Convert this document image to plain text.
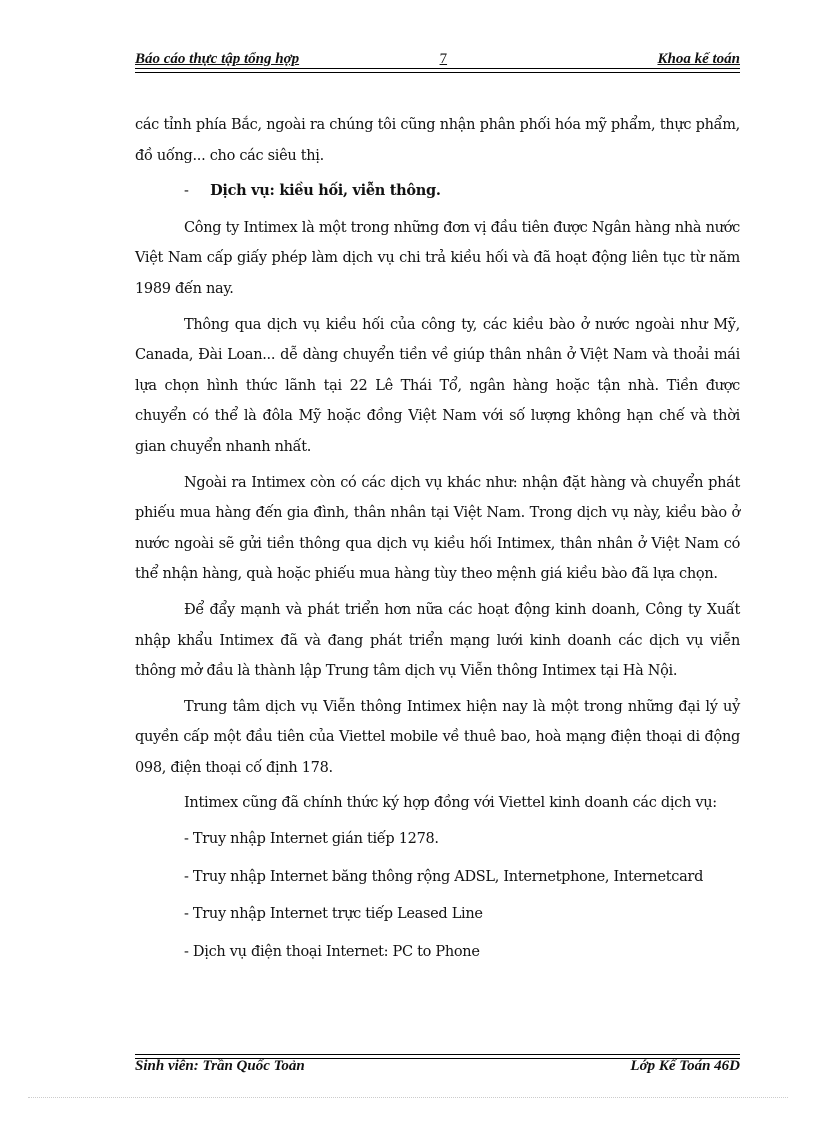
Báo cáo thực tập tổng hợp	7	Khoa kế toán

các tỉnh phía Bắc, ngoài ra chúng tôi cũng nhận phân phối hóa mỹ phẩm, thực phẩm, đồ uống... cho các siêu thị.

- Dịch vụ: kiều hối, viễn thông.

Công ty Intimex là một trong những đơn vị đầu tiên được Ngân hàng nhà nước Việt Nam cấp giấy phép làm dịch vụ chi trả kiều hối và đã hoạt động liên tục từ năm 1989 đến nay.

Thông qua dịch vụ kiều hối của công ty, các kiều bào ở nước ngoài như Mỹ, Canada, Đài Loan... dễ dàng chuyển tiền về giúp thân nhân ở Việt Nam và thoải mái lựa chọn hình thức lãnh tại 22 Lê Thái Tổ, ngân hàng hoặc tận nhà. Tiền được chuyển có thể là đôla Mỹ hoặc đồng Việt Nam với số lượng không hạn chế và thời gian chuyển nhanh nhất.

Ngoài ra Intimex còn có các dịch vụ khác như: nhận đặt hàng và chuyển phát phiếu mua hàng đến gia đình, thân nhân tại Việt Nam. Trong dịch vụ này, kiều bào ở nước ngoài sẽ gửi tiền thông qua dịch vụ kiều hối Intimex, thân nhân ở Việt Nam có thể nhận hàng, quà hoặc phiếu mua hàng tùy theo mệnh giá kiều bào đã lựa chọn.

Để đẩy mạnh và phát triển hơn nữa các hoạt động kinh doanh, Công ty Xuất nhập khẩu Intimex đã và đang phát triển mạng lưới kinh doanh các dịch vụ viễn thông mở đầu là thành lập Trung tâm dịch vụ Viễn thông Intimex tại Hà Nội.

Trung tâm dịch vụ Viễn thông Intimex hiện nay là một trong những đại lý uỷ quyền cấp một đầu tiên của Viettel mobile về thuê bao, hoà mạng điện thoại di động 098, điện thoại cố định 178.

Intimex cũng đã chính thức ký hợp đồng với Viettel kinh doanh các dịch vụ:

- Truy nhập Internet gián tiếp 1278.

- Truy nhập Internet băng thông rộng ADSL, Internetphone, Internetcard

- Truy nhập Internet trực tiếp Leased Line

- Dịch vụ điện thoại Internet: PC to Phone

Sinh viên: Trần Quốc Toản	Lớp Kế Toán 46D
